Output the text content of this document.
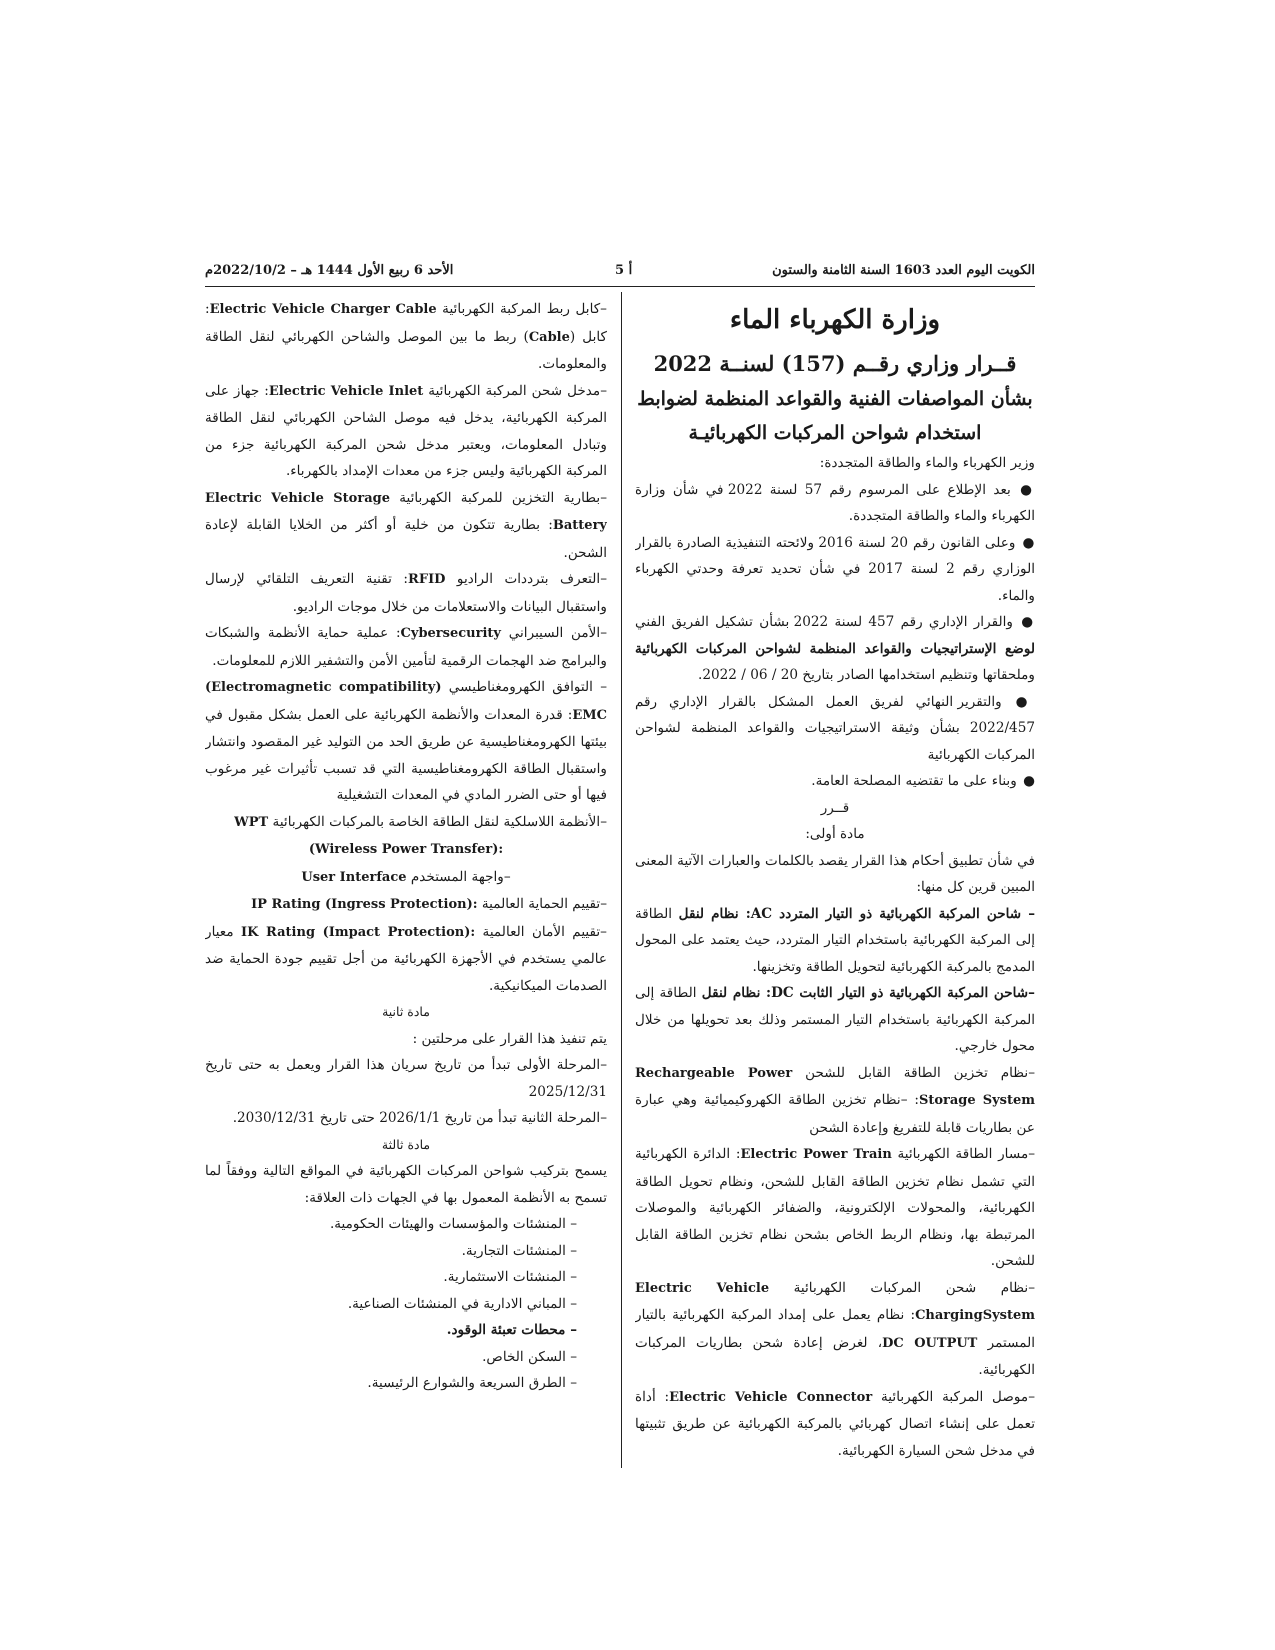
الكويت اليوم العدد 1603 السنة الثامنة والستون
أ 5
الأحد 6 ربيع الأول 1444 هـ – 2022/10/2م

وزارة الكهرباء الماء

قــرار وزاري رقــم (157) لسنــة 2022

بشأن المواصفات الفنية والقواعد المنظمة لضوابط

استخدام شواحن المركبات الكهربائيـة

وزير الكهرباء والماء والطاقة المتجددة:

● بعد الإطلاع على المرسوم رقم 57 لسنة 2022 في شأن وزارة الكهرباء والماء والطاقة المتجددة.

● وعلى القانون رقم 20 لسنة 2016 ولائحته التنفيذية الصادرة بالقرار الوزاري رقم 2 لسنة 2017 في شأن تحديد تعرفة وحدتي الكهرباء والماء.

● والقرار الإداري رقم 457 لسنة 2022 بشأن تشكيل الفريق الفني لوضع الإستراتيجيات والقواعد المنظمة لشواحن المركبات الكهربائية وملحقاتها وتنظيم استخدامها الصادر بتاريخ 20 / 06 / 2022.

● والتقرير النهائي لفريق العمل المشكل بالقرار الإداري رقم 2022/457 بشأن وثيقة الاستراتيجيات والقواعد المنظمة لشواحن المركبات الكهربائية

● وبناء على ما تقتضيه المصلحة العامة.

قــرر

مادة أولى:

في شأن تطبيق أحكام هذا القرار يقصد بالكلمات والعبارات الآتية المعنى المبين قرين كل منها:

– شاحن المركبة الكهربائية ذو التيار المتردد AC: نظام لنقل الطاقة إلى المركبة الكهربائية باستخدام التيار المتردد، حيث يعتمد على المحول المدمج بالمركبة الكهربائية لتحويل الطاقة وتخزينها.

–شاحن المركبة الكهربائية ذو التيار الثابت DC: نظام لنقل الطاقة إلى المركبة الكهربائية باستخدام التيار المستمر وذلك بعد تحويلها من خلال محول خارجي.

–نظام تخزين الطاقة القابل للشحن Rechargeable Power Storage System: –نظام تخزين الطاقة الكهروكيميائية وهي عبارة عن بطاريات قابلة للتفريغ وإعادة الشحن

–مسار الطاقة الكهربائية Electric Power Train: الدائرة الكهربائية التي تشمل نظام تخزين الطاقة القابل للشحن، ونظام تحويل الطاقة الكهربائية، والمحولات الإلكترونية، والضفائر الكهربائية والموصلات المرتبطة بها، ونظام الربط الخاص بشحن نظام تخزين الطاقة القابل للشحن.

–نظام شحن المركبات الكهربائية Electric Vehicle ChargingSystem: نظام يعمل على إمداد المركبة الكهربائية بالتيار المستمر DC OUTPUT، لغرض إعادة شحن بطاريات المركبات الكهربائية.

–موصل المركبة الكهربائية Electric Vehicle Connector: أداة تعمل على إنشاء اتصال كهربائي بالمركبة الكهربائية عن طريق تثبيتها في مدخل شحن السيارة الكهربائية.

–كابل ربط المركبة الكهربائية Electric Vehicle Charger Cable: كابل (Cable) ربط ما بين الموصل والشاحن الكهربائي لنقل الطاقة والمعلومات.

–مدخل شحن المركبة الكهربائية Electric Vehicle Inlet: جهاز على المركبة الكهربائية، يدخل فيه موصل الشاحن الكهربائي لنقل الطاقة وتبادل المعلومات، ويعتبر مدخل شحن المركبة الكهربائية جزء من المركبة الكهربائية وليس جزء من معدات الإمداد بالكهرباء.

–بطارية التخزين للمركبة الكهربائية Electric Vehicle Storage Battery: بطارية تتكون من خلية أو أكثر من الخلايا القابلة لإعادة الشحن.

–التعرف بترددات الراديو RFID: تقنية التعريف التلقائي لإرسال واستقبال البيانات والاستعلامات من خلال موجات الراديو.

–الأمن السيبراني Cybersecurity: عملية حماية الأنظمة والشبكات والبرامج ضد الهجمات الرقمية لتأمين الأمن والتشفير اللازم للمعلومات.

– التوافق الكهرومغناطيسي (Electromagnetic compatibility) EMC: قدرة المعدات والأنظمة الكهربائية على العمل بشكل مقبول في بيئتها الكهرومغناطيسية عن طريق الحد من التوليد غير المقصود وانتشار واستقبال الطاقة الكهرومغناطيسية التي قد تسبب تأثيرات غير مرغوب فيها أو حتى الضرر المادي في المعدات التشغيلية

–الأنظمة اللاسلكية لنقل الطاقة الخاصة بالمركبات الكهربائية WPT

(Wireless Power Transfer):

–واجهة المستخدم User Interface

–تقييم الحماية العالمية IP Rating (Ingress Protection):

–تقييم الأمان العالمية IK Rating (Impact Protection): معيار عالمي يستخدم في الأجهزة الكهربائية من أجل تقييم جودة الحماية ضد الصدمات الميكانيكية.

مادة ثانية

يتم تنفيذ هذا القرار على مرحلتين :

–المرحلة الأولى تبدأ من تاريخ سريان هذا القرار ويعمل به حتى تاريخ 2025/12/31

–المرحلة الثانية تبدأ من تاريخ 2026/1/1 حتى تاريخ 2030/12/31.

مادة ثالثة

يسمح بتركيب شواحن المركبات الكهربائية في المواقع التالية ووفقاً لما تسمح به الأنظمة المعمول بها في الجهات ذات العلاقة:

– المنشئات والمؤسسات والهيئات الحكومية.

– المنشئات التجارية.

– المنشئات الاستثمارية.

– المباني الادارية في المنشئات الصناعية.

– محطات تعبئة الوقود.

– السكن الخاص.

– الطرق السريعة والشوارع الرئيسية.
